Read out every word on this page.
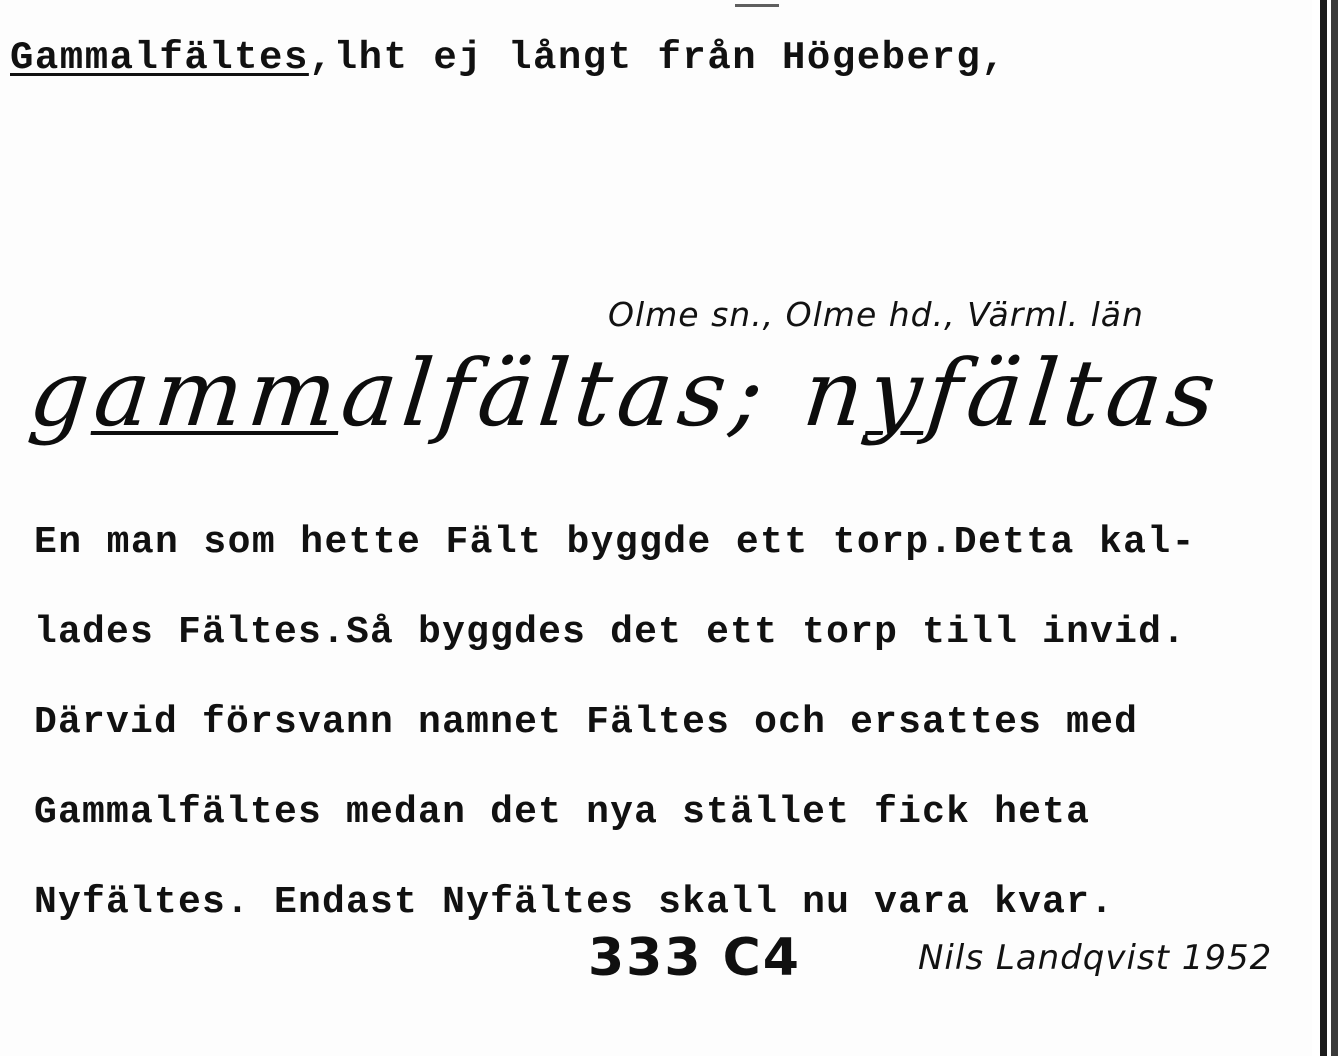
Gammalfältes,lht ej långt från Högeberg,
Olme sn., Olme hd., Värml. län
gammalfältas; nyfältas
En man som hette Fält byggde ett torp.Detta kal-
lades Fältes.Så byggdes det ett torp till invid.
Därvid försvann namnet Fältes och ersattes med
Gammalfältes medan det nya stället fick heta
Nyfältes. Endast Nyfältes skall nu vara kvar.
333 C4	Nils Landqvist 1952
